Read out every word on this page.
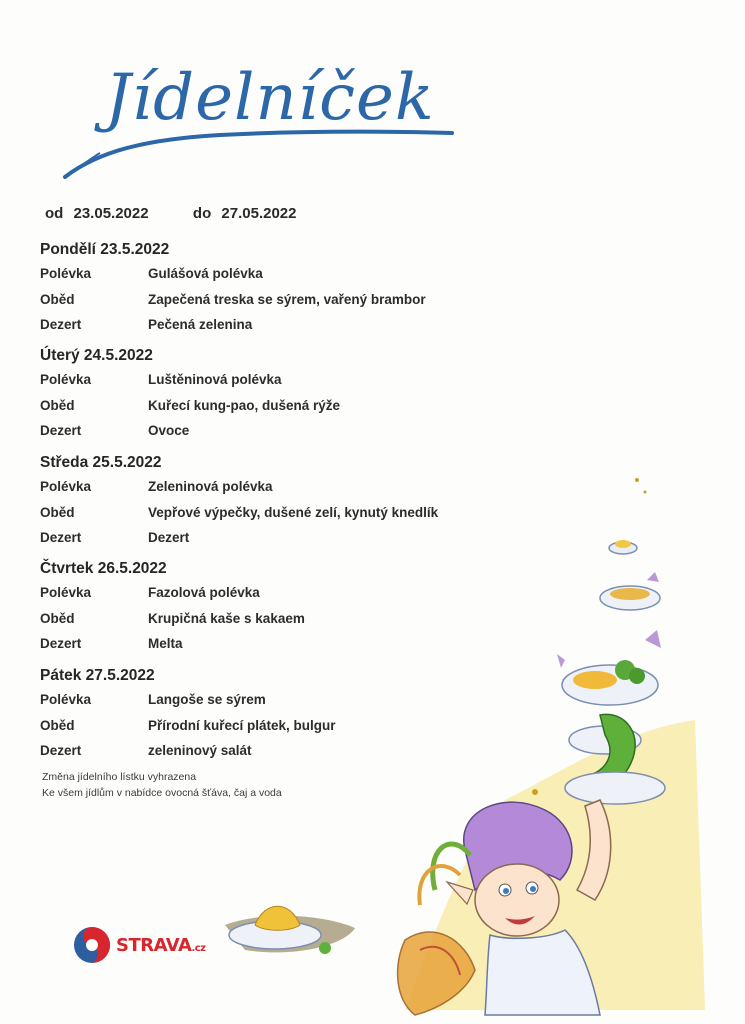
Jídelníček
od 23.05.2022	do 27.05.2022
Pondělí 23.5.2022
Polévka	Gulášová polévka
Oběd	Zapečená treska se sýrem, vařený brambor
Dezert	Pečená zelenina
Úterý 24.5.2022
Polévka	Luštěninová polévka
Oběd	Kuřecí kung-pao, dušená rýže
Dezert	Ovoce
Středa 25.5.2022
Polévka	Zeleninová polévka
Oběd	Vepřové výpečky, dušené zelí, kynutý knedlík
Dezert	Dezert
Čtvrtek 26.5.2022
Polévka	Fazolová polévka
Oběd	Krupičná kaše s kakaem
Dezert	Melta
Pátek 27.5.2022
Polévka	Langoše se sýrem
Oběd	Přírodní kuřecí plátek, bulgur
Dezert	zeleninový salát
Změna jídelního lístku vyhrazena
Ke všem jídlům v nabídce ovocná šťáva, čaj a voda
STRAVA.cz
